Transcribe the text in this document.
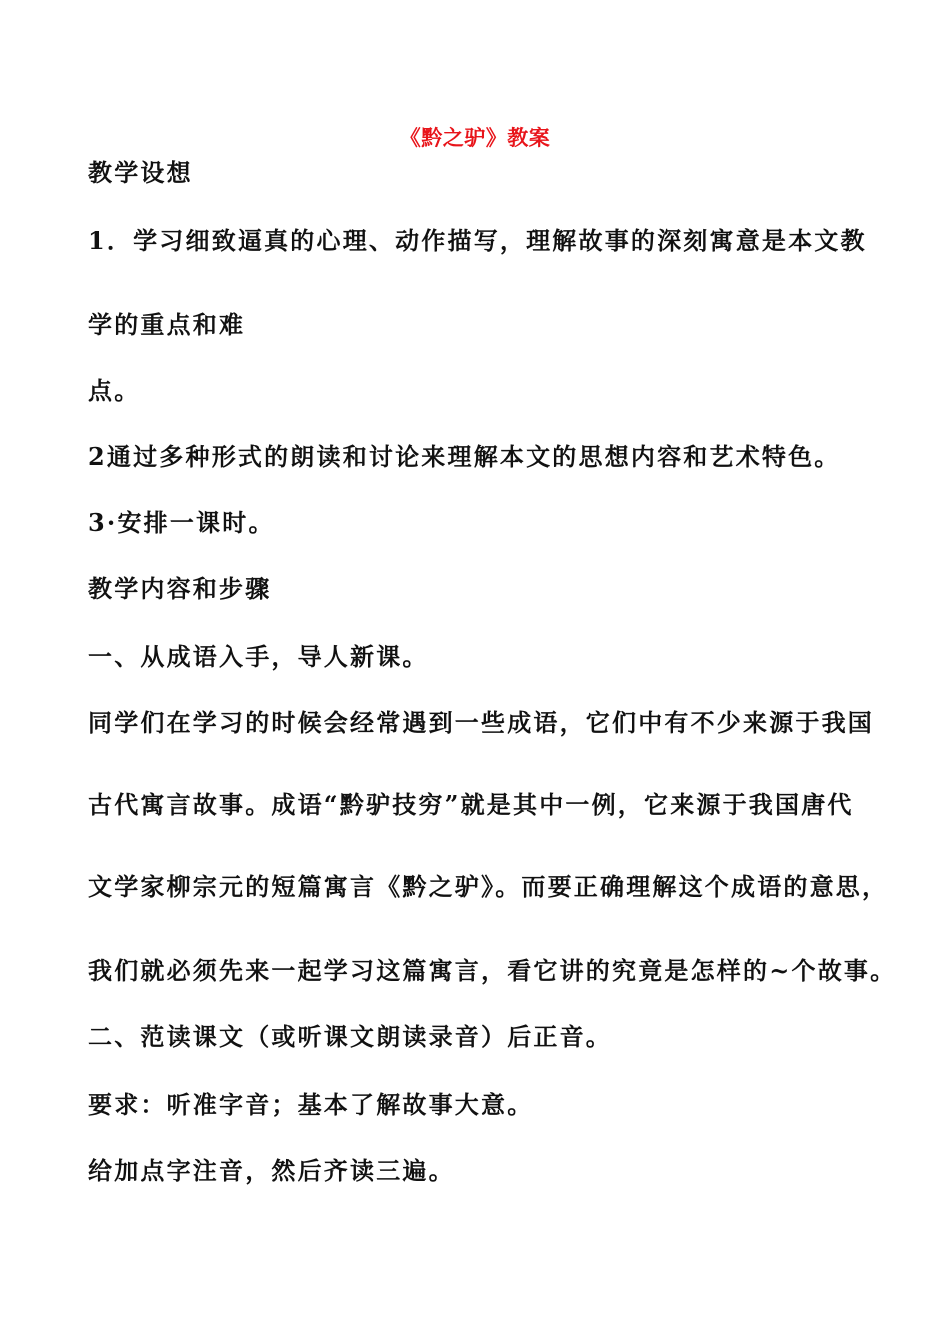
《黔之驴》教案
教学设想
1．学习细致逼真的心理、动作描写，理解故事的深刻寓意是本文教
学的重点和难
点。
2通过多种形式的朗读和讨论来理解本文的思想内容和艺术特色。
3·安排一课时。
教学内容和步骤
一、从成语入手，导人新课。
同学们在学习的时候会经常遇到一些成语，它们中有不少来源于我国
古代寓言故事。成语“黔驴技穷”就是其中一例，它来源于我国唐代
文学家柳宗元的短篇寓言《黔之驴》。而要正确理解这个成语的意思，
我们就必须先来一起学习这篇寓言，看它讲的究竟是怎样的~个故事。
二、范读课文（或听课文朗读录音）后正音。
要求：听准字音；基本了解故事大意。
给加点字注音，然后齐读三遍。
